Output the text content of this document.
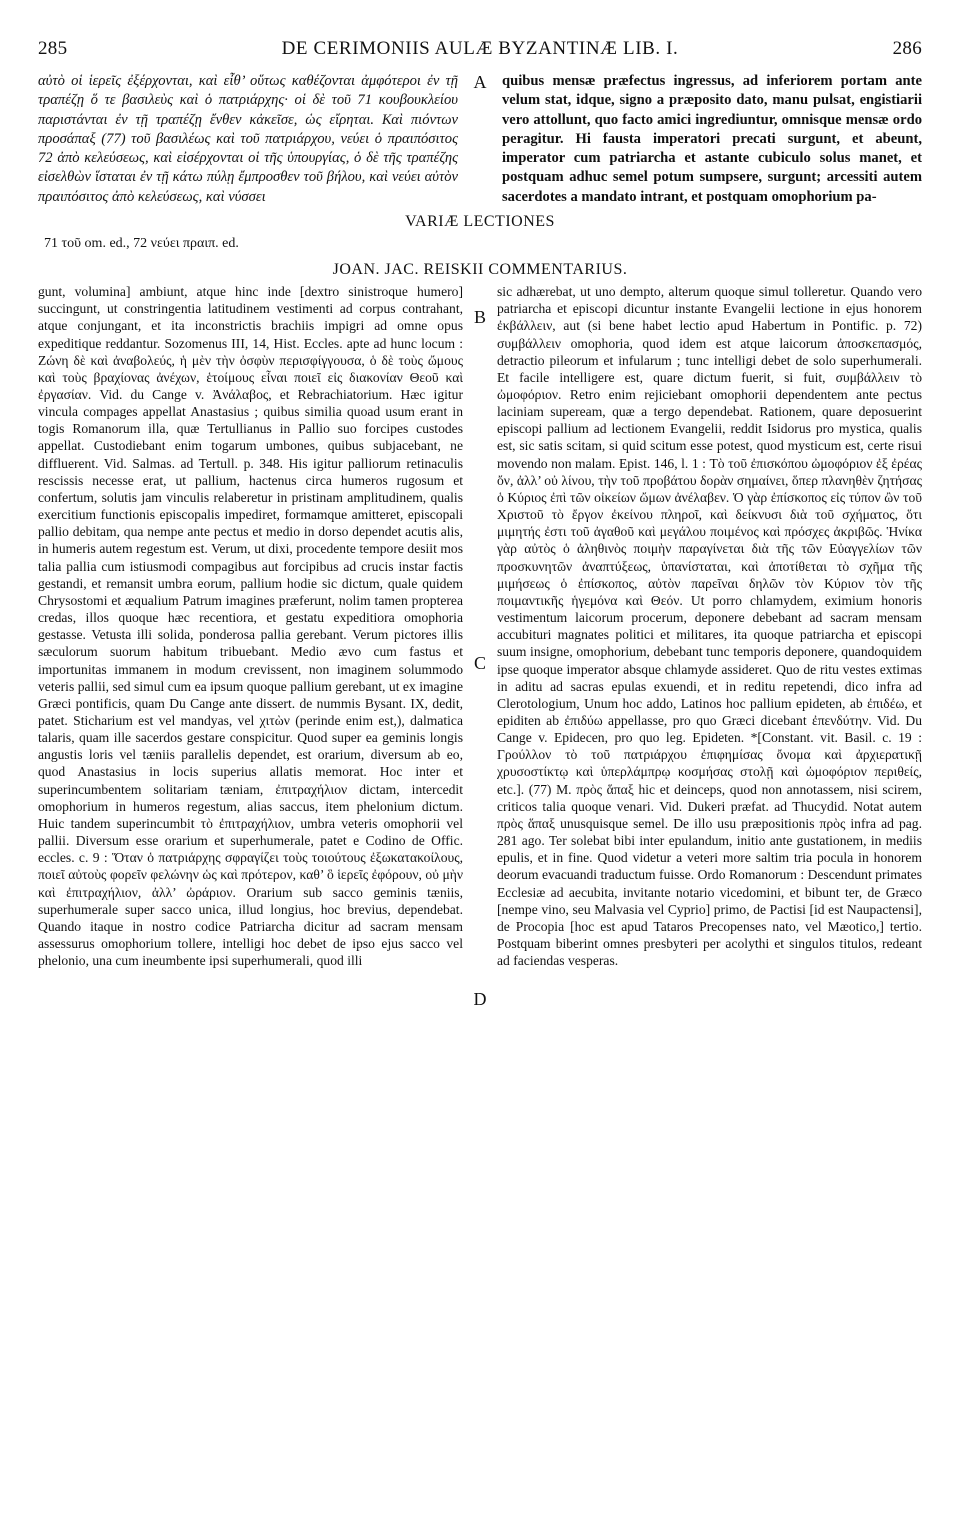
285	DE CERIMONIIS AULÆ BYZANTINÆ LIB. I.	286

αὐτὸ οἱ ἱερεῖς ἐξέρχονται, καὶ εἶθ’ οὕτως καθέζονται ἀμφότεροι ἐν τῇ τραπέζῃ ὅ τε βασιλεὺς καὶ ὁ πατριάρχης· οἱ δὲ τοῦ 71 κουβουκλείου παριστάνται ἐν τῇ τραπέζῃ ἔνθεν κἀκεῖσε, ὡς εἴρηται. Καὶ πιόντων προσάπαξ (77) τοῦ βασιλέως καὶ τοῦ πατριάρχου, νεύει ὁ πραιπόσιτος 72 ἀπὸ κελεύσεως, καὶ εἰσέρχονται οἱ τῆς ὑπουργίας, ὁ δὲ τῆς τραπέζης εἰσελθὼν ἵσταται ἐν τῇ κάτω πύλῃ ἔμπροσθεν τοῦ βήλου, καὶ νεύει αὐτὸν πραιπόσιτος ἀπὸ κελεύσεως, καὶ νύσσει

A quibus mensæ præfectus ingressus, ad inferiorem portam ante velum stat, idque, signo a præposito dato, manu pulsat, engistiarii vero attollunt, quo facto amici ingrediuntur, omnisque mensæ ordo peragitur. Hi fausta imperatori precati surgunt, et abeunt, imperator cum patriarcha et astante cubiculo solus manet, et postquam adhuc semel potum sumpsere, surgunt; arcessiti autem sacerdotes a mandato intrant, et postquam omophorium pa-

VARIÆ LECTIONES
71 τοῦ om. ed., 72 νεύει πραιπ. ed.
JOAN. JAC. REISKII COMMENTARIUS.

gunt, volumina] ambiunt, atque hinc inde [dextro sinistroque humero] succingunt, ut constringentia latitudinem vestimenti ad corpus contrahant, atque conjungant, et ita inconstrictis brachiis impigri ad omne opus expeditique reddantur. Sozomenus III, 14, Hist. Eccles. apte ad hunc locum : Ζώνη δὲ καὶ ἀναβολεύς, ἡ μὲν τὴν ὀσφὺν περισφίγγουσα, ὁ δὲ τοὺς ὤμους καὶ τοὺς βραχίονας ἀνέχων, ἑτοίμους εἶναι ποιεῖ εἰς διακονίαν Θεοῦ καὶ ἐργασίαν. Vid. du Cange v. Ἀνάλαβος, et Rebrachiatorium. Hæc igitur vincula compages appellat Anastasius ; quibus similia quoad usum erant in togis Romanorum illa, quæ Tertullianus in Pallio suo forcipes custodes appellat. Custodiebant enim togarum umbones, quibus subjacebant, ne diffluerent. Vid. Salmas. ad Tertull. p. 348. His igitur palliorum retinaculis rescissis necesse erat, ut pallium, hactenus circa humeros rugosum et confertum, solutis jam vinculis relaberetur in pristinam amplitudinem, qualis exercitium functionis episcopalis impediret, formamque amitteret, episcopali pallio debitam, qua nempe ante pectus et medio in dorso dependet acutis alis, in humeris autem regestum est. Verum, ut dixi, procedente tempore desiit mos talia pallia cum istiusmodi compagibus aut forcipibus ad crucis instar factis gestandi, et remansit umbra eorum, pallium hodie sic dictum, quale quidem Chrysostomi et æqualium Patrum imagines præferunt, nolim tamen propterea credas, illos quoque hæc recentiora, et gestatu expeditiora omophoria gestasse. Vetusta illi solida, ponderosa pallia gerebant. Verum pictores illis sæculorum suorum habitum tribuebant. Medio ævo cum fastus et importunitas immanem in modum crevissent, non imaginem solummodo veteris pallii, sed simul cum ea ipsum quoque pallium gerebant, ut ex imagine Græci pontificis, quam Du Cange ante dissert. de nummis Bysant. IX, dedit, patet. Sticharium est vel mandyas, vel χιτὼν (perinde enim est,), dalmatica talaris, quam ille sacerdos gestare conspicitur. Quod super ea geminis longis angustis loris vel tæniis parallelis dependet, est orarium, diversum ab eo, quod Anastasius in locis superius allatis memorat. Hoc inter et superincumbentem solitariam tæniam, ἐπιτραχήλιον dictam, intercedit omophorium in humeros regestum, alias saccus, item phelonium dictum. Huic tandem superincumbit τὸ ἐπιτραχήλιον, umbra veteris omophorii vel pallii. Diversum esse orarium et superhumerale, patet e Codino de Offic. eccles. c. 9 : Ὅταν ὁ πατριάρχης σφραγίζει τοὺς τοιούτους ἐξωκατακοίλους, ποιεῖ αὐτοὺς φορεῖν φελώνην ὡς καὶ πρότερον, καθ’ ὃ ἱερεῖς ἐφόρουν, οὐ μὴν καὶ ἐπιτραχήλιον, ἀλλ’ ὠράριον. Orarium sub sacco geminis tæniis, superhumerale super sacco unica, illud longius, hoc brevius, dependebat. Quando itaque in nostro codice Patriarcha dicitur ad sacram mensam assessurus omophorium tollere, intelligi hoc debet de ipso ejus sacco vel phelonio, una cum ineumbente ipsi superhumerali, quod illi

B
C
D

sic adhærebat, ut uno dempto, alterum quoque simul tolleretur. Quando vero patriarcha et episcopi dicuntur instante Evangelii lectione in ejus honorem ἐκβάλλειν, aut (si bene habet lectio apud Habertum in Pontific. p. 72) συμβάλλειν omophoria, quod idem est atque laicorum ἀποσκεπασμός, detractio pileorum et infularum ; tunc intelligi debet de solo superhumerali. Et facile intelligere est, quare dictum fuerit, si fuit, συμβάλλειν τὸ ὠμοφόριον. Retro enim rejiciebant omophorii dependentem ante pectus laciniam supeream, quæ a tergo dependebat. Rationem, quare deposuerint episcopi pallium ad lectionem Evangelii, reddit Isidorus pro mystica, qualis est, sic satis scitam, si quid scitum esse potest, quod mysticum est, certe risui movendo non malam. Epist. 146, l. 1 : Τὸ τοῦ ἐπισκόπου ὠμοφόριον ἐξ ἐρέας ὄν, ἀλλ’ οὐ λίνου, τὴν τοῦ προβάτου δορὰν σημαίνει, ὅπερ πλανηθὲν ζητήσας ὁ Κύριος ἐπὶ τῶν οἰκείων ὤμων ἀνέλαβεν. Ὁ γὰρ ἐπίσκοπος εἰς τύπον ὢν τοῦ Χριστοῦ τὸ ἔργον ἐκείνου πληροῖ, καὶ δείκνυσι διὰ τοῦ σχήματος, ὅτι μιμητής ἐστι τοῦ ἀγαθοῦ καὶ μεγάλου ποιμένος καὶ πρόσχες ἀκριβῶς. Ἡνίκα γὰρ αὐτὸς ὁ ἀληθινὸς ποιμὴν παραγίνεται διὰ τῆς τῶν Εὐαγγελίων τῶν προσκυνητῶν ἀναπτύξεως, ὑπανίσταται, καὶ ἀποτίθεται τὸ σχῆμα τῆς μιμήσεως ὁ ἐπίσκοπος, αὐτὸν παρεῖναι δηλῶν τὸν Κύριον τὸν τῆς ποιμαντικῆς ἡγεμόνα καὶ Θεόν. Ut porro chlamydem, eximium honoris vestimentum laicorum procerum, deponere debebant ad sacram mensam accubituri magnates politici et militares, ita quoque patriarcha et episcopi suum insigne, omophorium, debebant tunc temporis deponere, quandoquidem ipse quoque imperator absque chlamyde assideret. Quo de ritu vestes extimas in aditu ad sacras epulas exuendi, et in reditu repetendi, dico infra ad Clerotologium, Unum hoc addo, Latinos hoc pallium epideten, ab ἐπιδέω, et epiditen ab ἐπιδύω appellasse, pro quo Græci dicebant ἐπενδύτην. Vid. Du Cange v. Epidecen, pro quo leg. Epideten. *[Constant. vit. Basil. c. 19 : Γρούλλον τὸ τοῦ πατριάρχου ἐπιφημίσας ὄνομα καὶ ἀρχιερατικῇ χρυσοστίκτῳ καὶ ὑπερλάμπρῳ κοσμήσας στολῇ καὶ ὠμοφόριον περιθείς, etc.]. (77) M. πρὸς ἅπαξ hic et deinceps, quod non annotassem, nisi scirem, criticos talia quoque venari. Vid. Dukeri præfat. ad Thucydid. Notat autem πρὸς ἅπαξ unusquisque semel. De illo usu præpositionis πρὸς infra ad pag. 281 ago. Ter solebat bibi inter epulandum, initio ante gustationem, in mediis epulis, et in fine. Quod videtur a veteri more saltim tria pocula in honorem deorum evacuandi traductum fuisse. Ordo Romanorum : Descendunt primates Ecclesiæ ad aecubita, invitante notario vicedomini, et bibunt ter, de Græco [nempe vino, seu Malvasia vel Cyprio] primo, de Pactisi [id est Naupactensi], de Procopia [hoc est apud Tataros Precopenses nato, vel Mæotico,] tertio. Postquam biberint omnes presbyteri per acolythi et singulos titulos, redeant ad faciendas vesperas.
